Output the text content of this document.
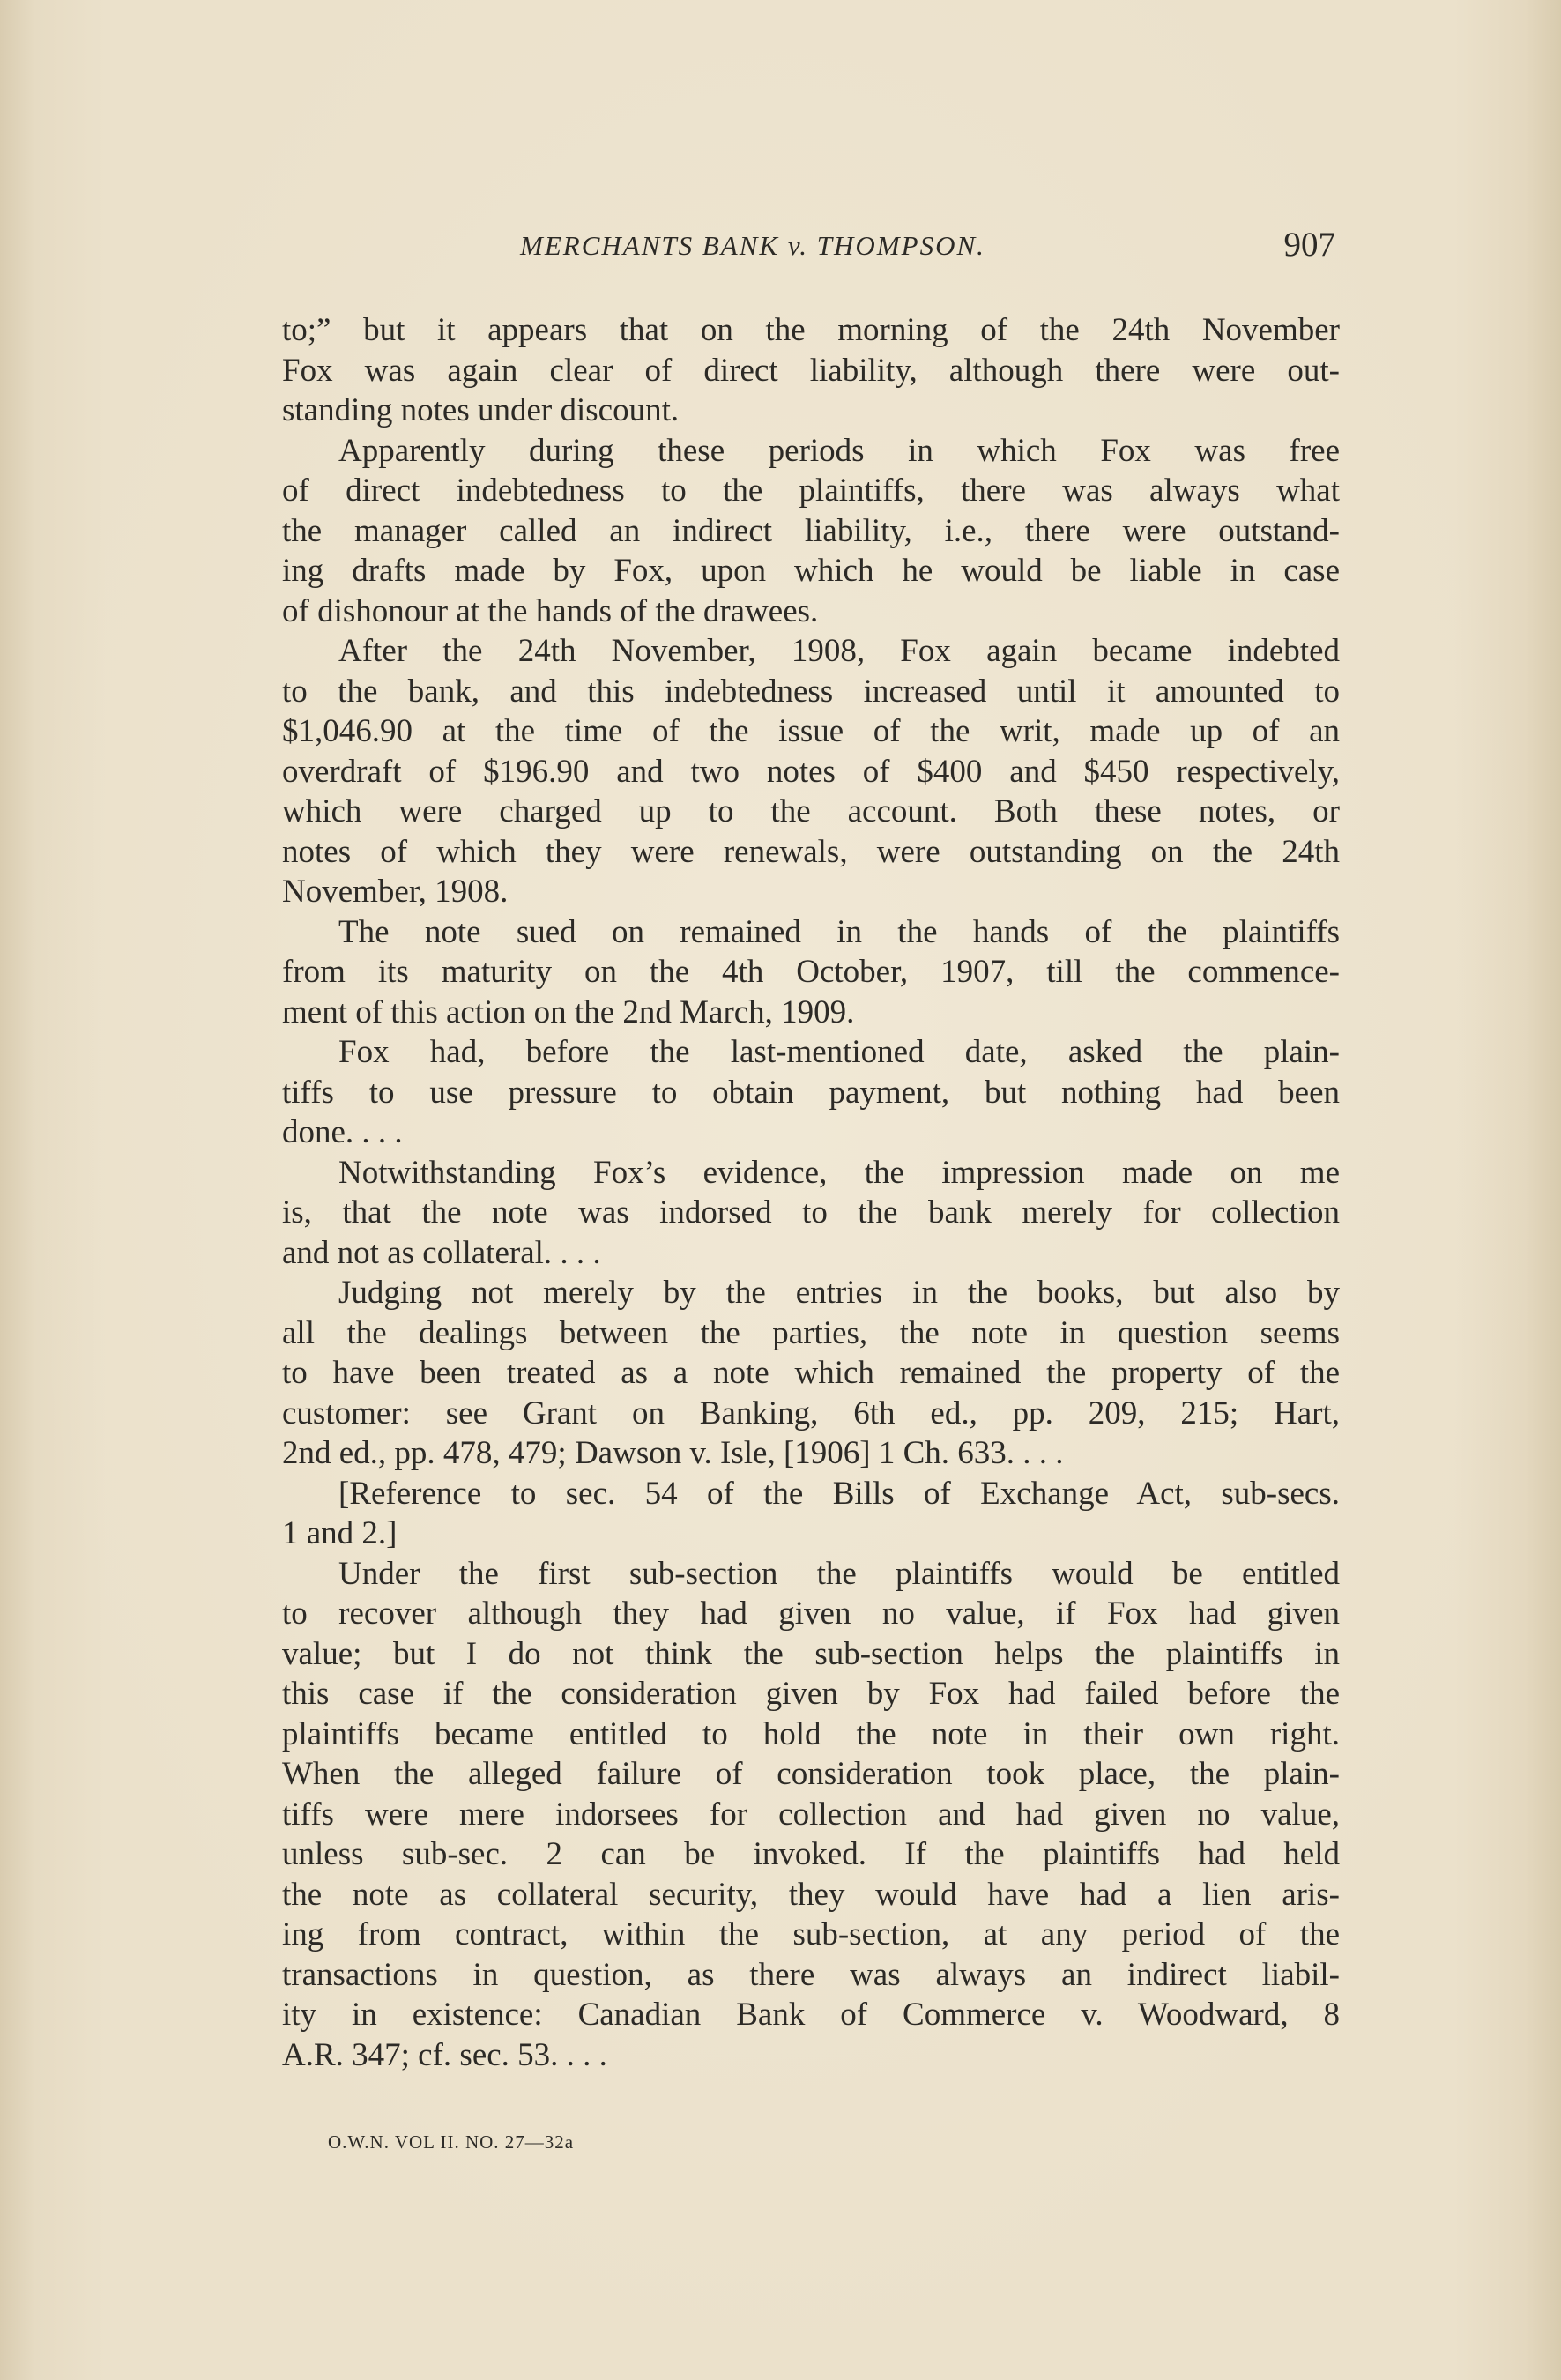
MERCHANTS BANK v. THOMPSON.	907
to;” but it appears that on the morning of the 24th November
Fox was again clear of direct liability, although there were out-
standing notes under discount.
Apparently during these periods in which Fox was free
of direct indebtedness to the plaintiffs, there was always what
the manager called an indirect liability, i.e., there were outstand-
ing drafts made by Fox, upon which he would be liable in case
of dishonour at the hands of the drawees.
After the 24th November, 1908, Fox again became indebted
to the bank, and this indebtedness increased until it amounted to
$1,046.90 at the time of the issue of the writ, made up of an
overdraft of $196.90 and two notes of $400 and $450 respectively,
which were charged up to the account. Both these notes, or
notes of which they were renewals, were outstanding on the 24th
November, 1908.
The note sued on remained in the hands of the plaintiffs
from its maturity on the 4th October, 1907, till the commence-
ment of this action on the 2nd March, 1909.
Fox had, before the last-mentioned date, asked the plain-
tiffs to use pressure to obtain payment, but nothing had been
done. . . .
Notwithstanding Fox’s evidence, the impression made on me
is, that the note was indorsed to the bank merely for collection
and not as collateral. . . .
Judging not merely by the entries in the books, but also by
all the dealings between the parties, the note in question seems
to have been treated as a note which remained the property of the
customer: see Grant on Banking, 6th ed., pp. 209, 215; Hart,
2nd ed., pp. 478, 479; Dawson v. Isle, [1906] 1 Ch. 633. . . .
[Reference to sec. 54 of the Bills of Exchange Act, sub-secs.
1 and 2.]
Under the first sub-section the plaintiffs would be entitled
to recover although they had given no value, if Fox had given
value; but I do not think the sub-section helps the plaintiffs in
this case if the consideration given by Fox had failed before the
plaintiffs became entitled to hold the note in their own right.
When the alleged failure of consideration took place, the plain-
tiffs were mere indorsees for collection and had given no value,
unless sub-sec. 2 can be invoked. If the plaintiffs had held
the note as collateral security, they would have had a lien aris-
ing from contract, within the sub-section, at any period of the
transactions in question, as there was always an indirect liabil-
ity in existence: Canadian Bank of Commerce v. Woodward, 8
A.R. 347; cf. sec. 53. . . .
O.W.N. VOL II. NO. 27—32a
